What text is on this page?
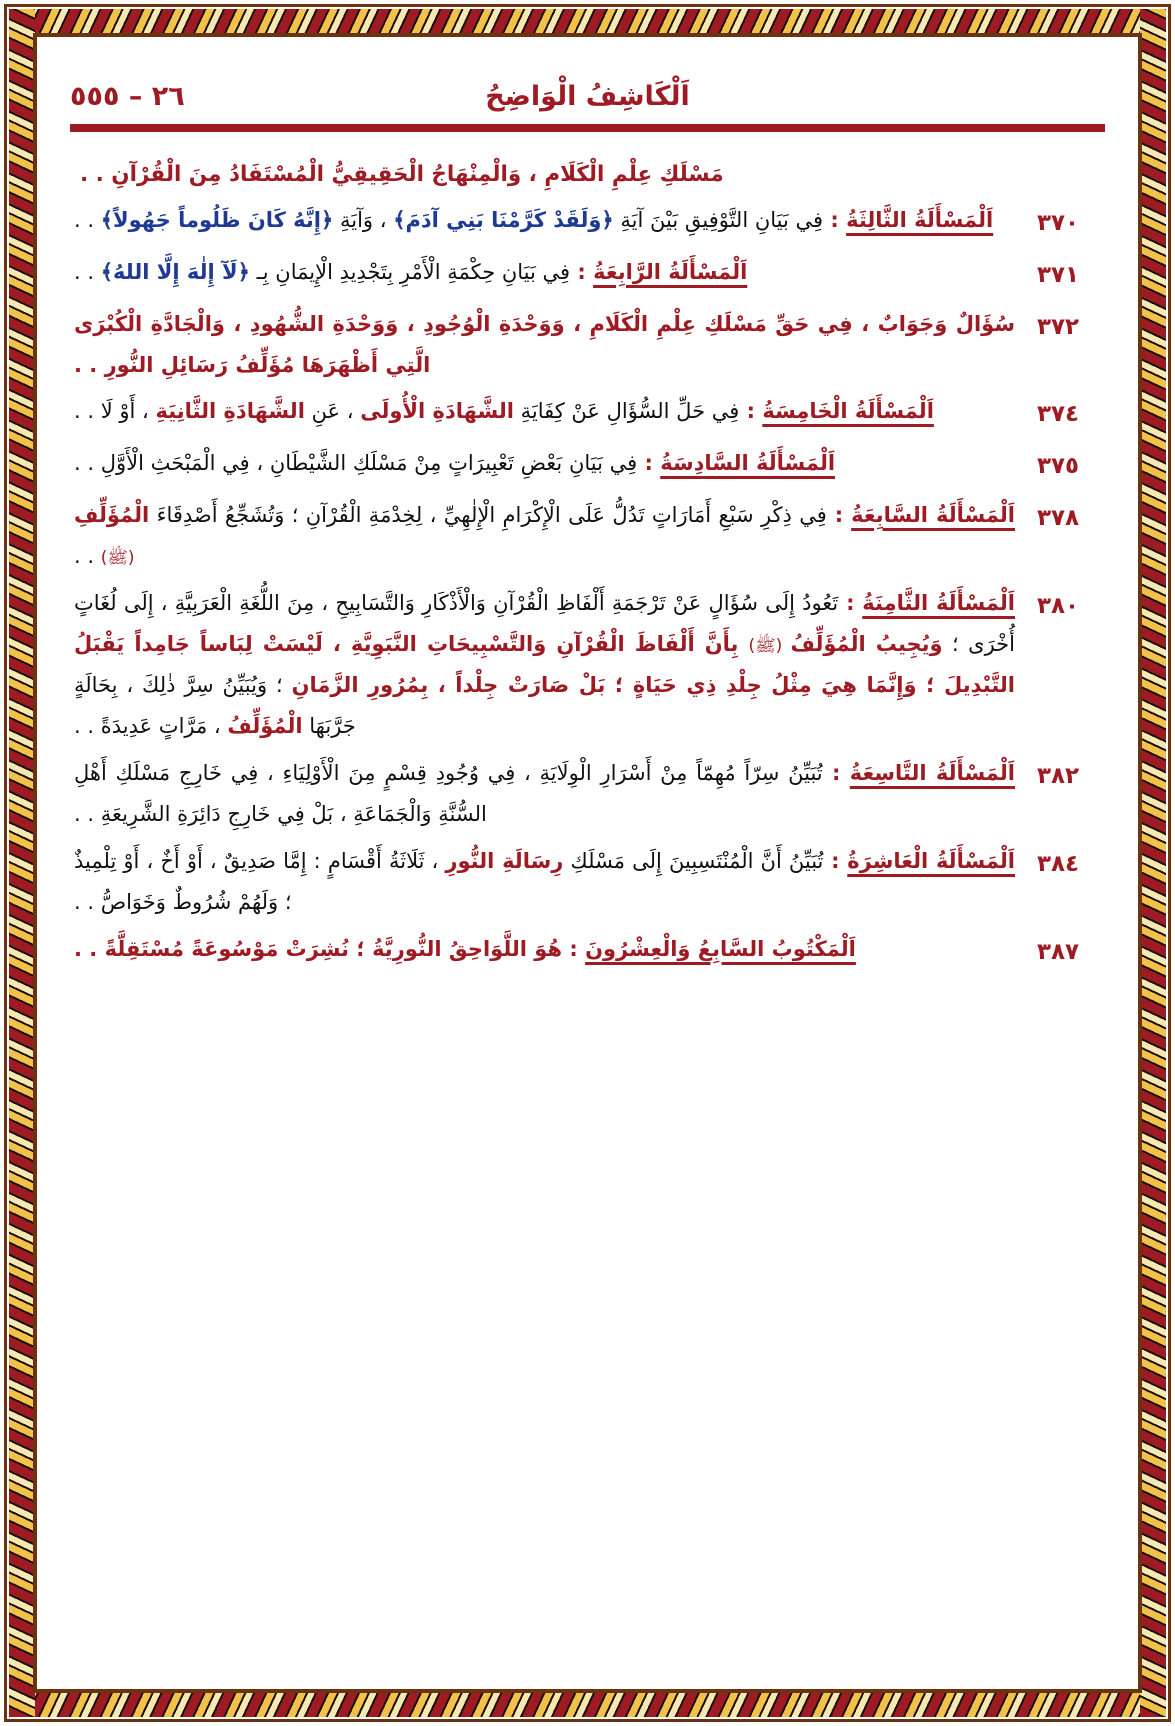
٢٦ – ٥٥٥	اَلْكَاشِفُ الْوَاضِحُ
مَسْلَكِ عِلْمِ الْكَلَامِ ، وَالْمِنْهَاجُ الْحَقِيقِيُّ الْمُسْتَفَادُ مِنَ الْقُرْآنِ . .
٣٧٠
اَلْمَسْأَلَةُ الثَّالِثَةُ : فِي بَيَانِ التَّوْفِيقِ بَيْنَ آيَةِ ﴿وَلَقَدْ كَرَّمْنَا بَنِي آدَمَ﴾ ، وَآيَةِ ﴿إِنَّهُ كَانَ ظَلُوماً جَهُولاً﴾ . .
٣٧١
اَلْمَسْأَلَةُ الرَّابِعَةُ : فِي بَيَانِ حِكْمَةِ الْأَمْرِ بِتَجْدِيدِ الْإِيمَانِ بِـ ﴿لَآ إِلٰهَ إِلَّا اللهُ﴾ . .
٣٧٢
سُؤَالٌ وَجَوَابٌ ، فِي حَقِّ مَسْلَكِ عِلْمِ الْكَلَامِ ، وَوَحْدَةِ الْوُجُودِ ، وَوَحْدَةِ الشُّهُودِ ، وَالْجَادَّةِ الْكُبْرَى الَّتِي أَظْهَرَهَا مُؤَلِّفُ رَسَائِلِ النُّورِ . .
٣٧٤
اَلْمَسْأَلَةُ الْخَامِسَةُ : فِي حَلِّ السُّؤَالِ عَنْ كِفَايَةِ الشَّهَادَةِ الْأُولَى ، عَنِ الشَّهَادَةِ الثَّانِيَةِ ، أَوْ لَا . .
٣٧٥
اَلْمَسْأَلَةُ السَّادِسَةُ : فِي بَيَانِ بَعْضِ تَعْبِيرَاتٍ مِنْ مَسْلَكِ الشَّيْطَانِ ، فِي الْمَبْحَثِ الْأَوَّلِ . .
٣٧٨
اَلْمَسْأَلَةُ السَّابِعَةُ : فِي ذِكْرِ سَبْعِ أَمَارَاتٍ تَدُلُّ عَلَى الْإِكْرَامِ الْإِلٰهِيِّ ، لِخِدْمَةِ الْقُرْآنِ ؛ وَتُشَجِّعُ أَصْدِقَاءَ الْمُؤَلِّفِ (ﷺ) . .
٣٨٠
اَلْمَسْأَلَةُ الثَّامِنَةُ : تَعُودُ إِلَى سُؤَالٍ عَنْ تَرْجَمَةِ أَلْفَاظِ الْقُرْآنِ وَالْأَذْكَارِ وَالتَّسَابِيحِ ، مِنَ اللُّغَةِ الْعَرَبِيَّةِ ، إِلَى لُغَاتٍ أُخْرَى ؛ وَيُجِيبُ الْمُؤَلِّفُ (ﷺ) بِأَنَّ أَلْفَاظَ الْقُرْآنِ وَالتَّسْبِيحَاتِ النَّبَوِيَّةِ ، لَيْسَتْ لِبَاساً جَامِداً يَقْبَلُ التَّبْدِيلَ ؛ وَإِنَّمَا هِيَ مِثْلُ جِلْدِ ذِي حَيَاةٍ ؛ بَلْ صَارَتْ جِلْداً ، بِمُرُورِ الزَّمَانِ ؛ وَيُبَيِّنُ سِرَّ ذٰلِكَ ، بِحَالَةٍ جَرَّبَهَا الْمُؤَلِّفُ ، مَرَّاتٍ عَدِيدَةً . .
٣٨٢
اَلْمَسْأَلَةُ التَّاسِعَةُ : تُبَيِّنُ سِرّاً مُهِمّاً مِنْ أَسْرَارِ الْوِلَايَةِ ، فِي وُجُودِ قِسْمٍ مِنَ الْأَوْلِيَاءِ ، فِي خَارِجِ مَسْلَكِ أَهْلِ السُّنَّةِ وَالْجَمَاعَةِ ، بَلْ فِي خَارِجِ دَائِرَةِ الشَّرِيعَةِ . .
٣٨٤
اَلْمَسْأَلَةُ الْعَاشِرَةُ : تُبَيِّنُ أَنَّ الْمُنْتَسِبِينَ إِلَى مَسْلَكِ رِسَالَةِ النُّورِ ، ثَلَاثَةُ أَقْسَامٍ : إِمَّا صَدِيقٌ ، أَوْ أَخٌ ، أَوْ تِلْمِيذٌ ؛ وَلَهُمْ شُرُوطٌ وَخَوَاصُّ . .
٣٨٧
اَلْمَكْتُوبُ السَّابِعُ وَالْعِشْرُونَ : هُوَ اللَّوَاحِقُ النُّورِيَّةُ ؛ نُشِرَتْ مَوْسُوعَةً مُسْتَقِلَّةً . .
